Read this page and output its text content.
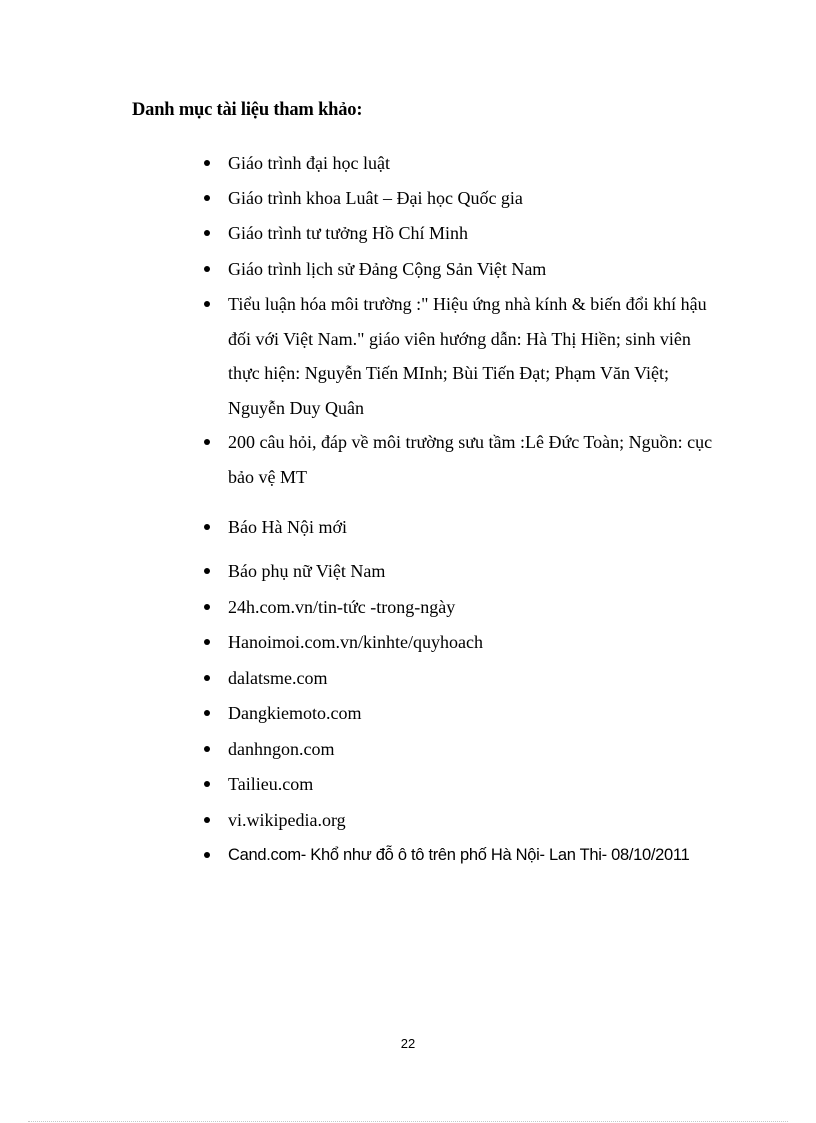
Danh mục tài liệu tham khảo:
Giáo trình đại học luật
Giáo trình khoa Luât – Đại học Quốc gia
Giáo trình tư tưởng Hồ Chí Minh
Giáo trình lịch sử Đảng Cộng Sản Việt Nam
Tiểu luận hóa môi trường :" Hiệu ứng nhà kính & biến đổi khí hậu
đối với Việt Nam." giáo viên hướng dẫn: Hà Thị Hiền; sinh viên
thực hiện: Nguyễn Tiến MInh; Bùi Tiến Đạt; Phạm Văn Việt;
Nguyễn Duy Quân
200 câu hỏi, đáp về môi trường sưu tầm :Lê Đức Toàn; Nguồn: cục
bảo vệ MT
Báo Hà Nội mới
Báo phụ nữ Việt Nam
24h.com.vn/tin-tức -trong-ngày
Hanoimoi.com.vn/kinhte/quyhoach
dalatsme.com
Dangkiemoto.com
danhngon.com
Tailieu.com
vi.wikipedia.org
Cand.com- Khổ như đỗ ô tô trên phố Hà Nội- Lan Thi- 08/10/2011
22
